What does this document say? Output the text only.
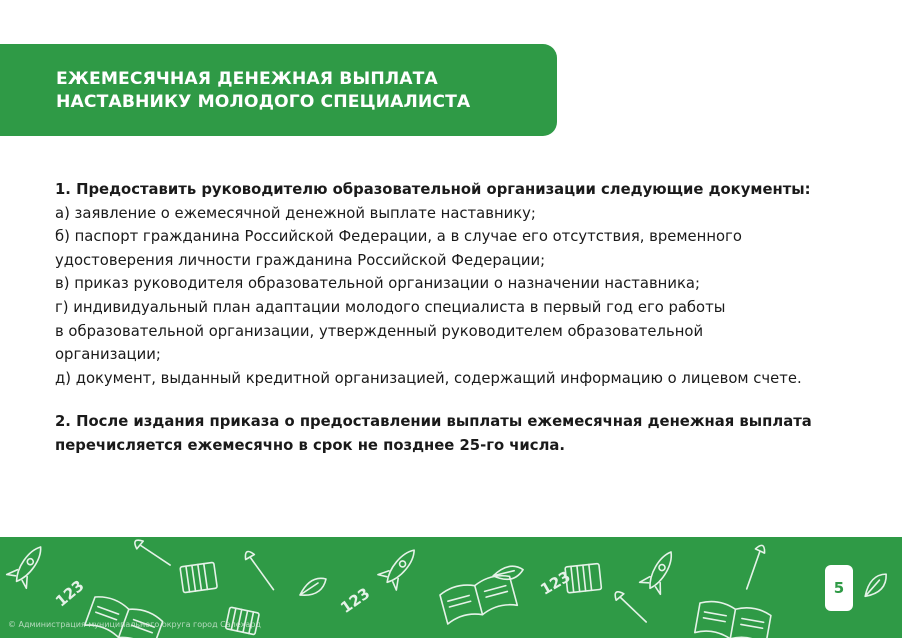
ЕЖЕМЕСЯЧНАЯ ДЕНЕЖНАЯ ВЫПЛАТА
НАСТАВНИКУ МОЛОДОГО СПЕЦИАЛИСТА
1. Предоставить руководителю образовательной организации следующие документы:
а) заявление о ежемесячной денежной выплате наставнику;
б) паспорт гражданина Российской Федерации, а в случае его отсутствия, временного
удостоверения личности гражданина Российской Федерации;
в) приказ руководителя образовательной организации о назначении наставника;
г) индивидуальный план адаптации молодого специалиста в первый год его работы
в образовательной организации, утвержденный руководителем образовательной
организации;
д) документ, выданный кредитной организацией, содержащий информацию о лицевом счете.
2. После издания приказа о предоставлении выплаты ежемесячная денежная выплата
перечисляется ежемесячно в срок не позднее 25-го числа.
123	123
123	5
© Администрация муниципального округа город Салехард
